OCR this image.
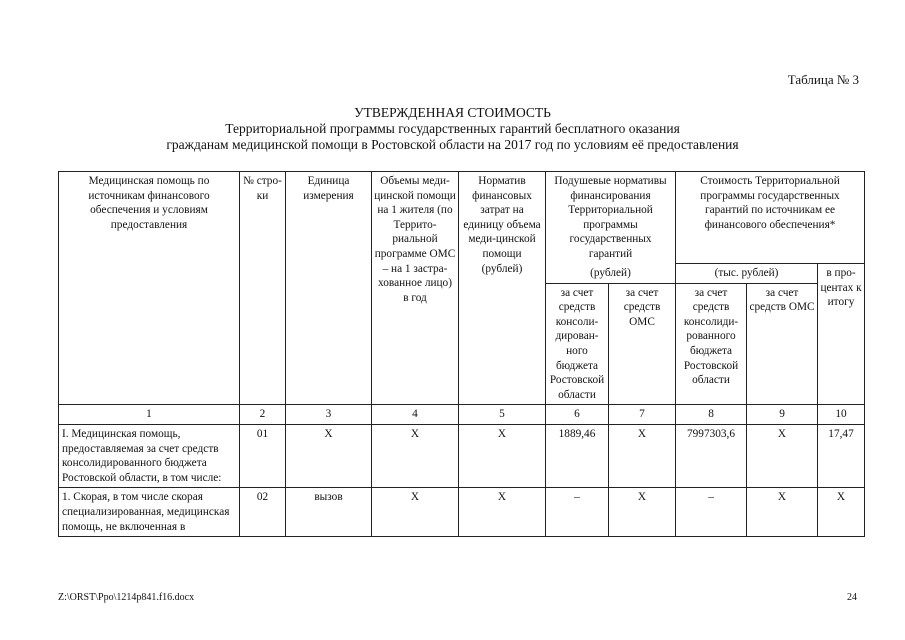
Таблица № 3
УТВЕРЖДЕННАЯ СТОИМОСТЬ
Территориальной программы государственных гарантий бесплатного оказания
гражданам медицинской помощи в Ростовской области на 2017 год по условиям её предоставления
Медицинская помощь по источникам финансового обеспечения и условиям предоставления	№ стро-ки	Единица измерения	Объемы меди-цинской помощи на 1 жителя (по Террито-риальной программе ОМС – на 1 застра-хованное лицо) в год	Норматив финансовых затрат на единицу объема меди-цинской помощи (рублей)	Подушевые нормативы финансирования Территориальной программы государственных гарантий		Стоимость Территориальной программы государственных гарантий по источникам ее финансового обеспечения*		
					(рублей)		(тыс. рублей)		в про-центах к итогу
					за счет средств консоли-дирован-ного бюджета Ростовской области	за счет средств ОМС	за счет средств консолиди-рованного бюджета Ростовской области	за счет средств ОМС	
1	2	3	4	5	6	7	8	9	10
I. Медицинская помощь, предоставляемая за счет средств консолидированного бюджета Ростовской области, в том числе:	01	Х	Х	Х	1889,46	Х	7997303,6	Х	17,47
1. Скорая, в том числе скорая специализированная, медицинская помощь, не включенная в	02	вызов	Х	Х	–	Х	–	Х	Х
Z:\ORST\Ppo\1214p841.f16.docx	24
